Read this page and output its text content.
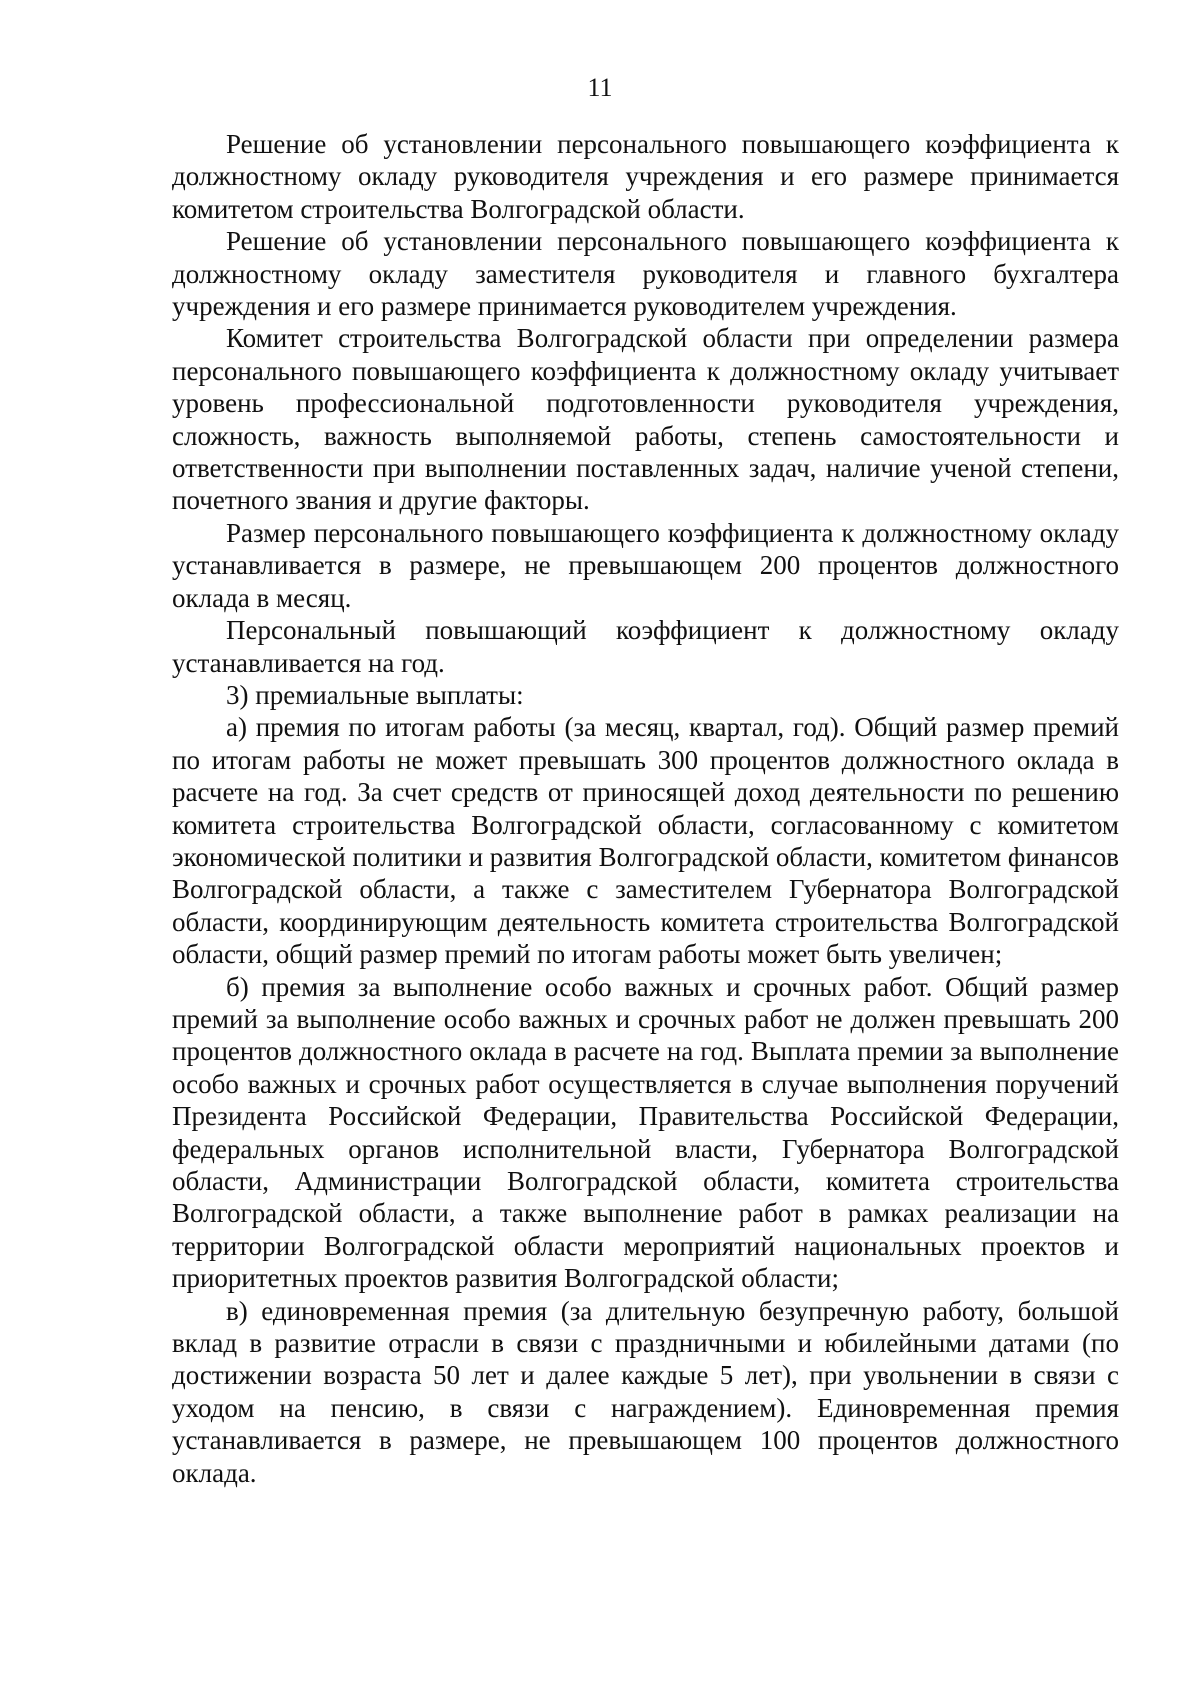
11

Решение об установлении персонального повышающего коэффициента к должностному окладу руководителя учреждения и его размере принимается комитетом строительства Волгоградской области.

Решение об установлении персонального повышающего коэффициента к должностному окладу заместителя руководителя и главного бухгалтера учреждения и его размере принимается руководителем учреждения.

Комитет строительства Волгоградской области при определении размера персонального повышающего коэффициента к должностному окладу учитывает уровень профессиональной подготовленности руководителя учреждения, сложность, важность выполняемой работы, степень самостоятельности и ответственности при выполнении поставленных задач, наличие ученой степени, почетного звания и другие факторы.

Размер персонального повышающего коэффициента к должностному окладу устанавливается в размере, не превышающем 200 процентов должностного оклада в месяц.

Персональный повышающий коэффициент к должностному окладу устанавливается на год.

3) премиальные выплаты:

а) премия по итогам работы (за месяц, квартал, год). Общий размер премий по итогам работы не может превышать 300 процентов должностного оклада в расчете на год. За счет средств от приносящей доход деятельности по решению комитета строительства Волгоградской области, согласованному с комитетом экономической политики и развития Волгоградской области, комитетом финансов Волгоградской области, а также с заместителем Губернатора Волгоградской области, координирующим деятельность комитета строительства Волгоградской области, общий размер премий по итогам работы может быть увеличен;

б) премия за выполнение особо важных и срочных работ. Общий размер премий за выполнение особо важных и срочных работ не должен превышать 200 процентов должностного оклада в расчете на год. Выплата премии за выполнение особо важных и срочных работ осуществляется в случае выполнения поручений Президента Российской Федерации, Правительства Российской Федерации, федеральных органов исполнительной власти, Губернатора Волгоградской области, Администрации Волгоградской области, комитета строительства Волгоградской области, а также выполнение работ в рамках реализации на территории Волгоградской области мероприятий национальных проектов и приоритетных проектов развития Волгоградской области;

в) единовременная премия (за длительную безупречную работу, большой вклад в развитие отрасли в связи с праздничными и юбилейными датами (по достижении возраста 50 лет и далее каждые 5 лет), при увольнении в связи с уходом на пенсию, в связи с награждением). Единовременная премия устанавливается в размере, не превышающем 100 процентов должностного оклада.
